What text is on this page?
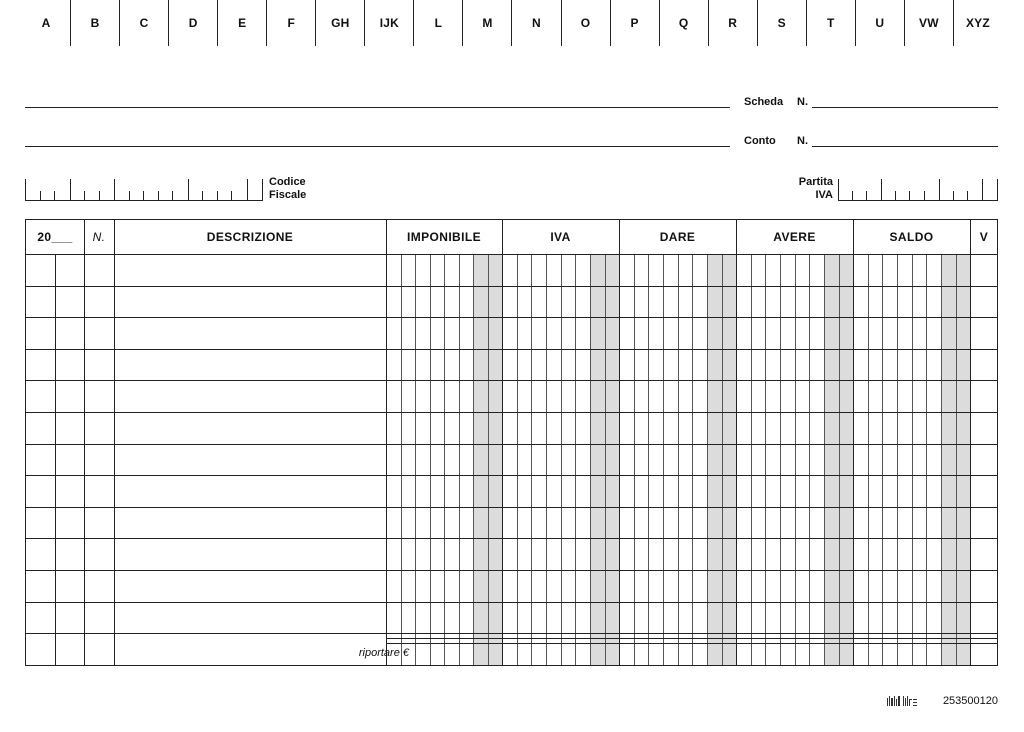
A	B	C	D	E	F	GH	IJK	L	M	N	O	P	Q	R	S	T	U	VW	XYZ
Scheda N.
Conto N.
Codice
Fiscale
Partita
IVA
20___	N.	DESCRIZIONE	IMPONIBILE	IVA	DARE	AVERE	SALDO	V
riportare €
253500120
